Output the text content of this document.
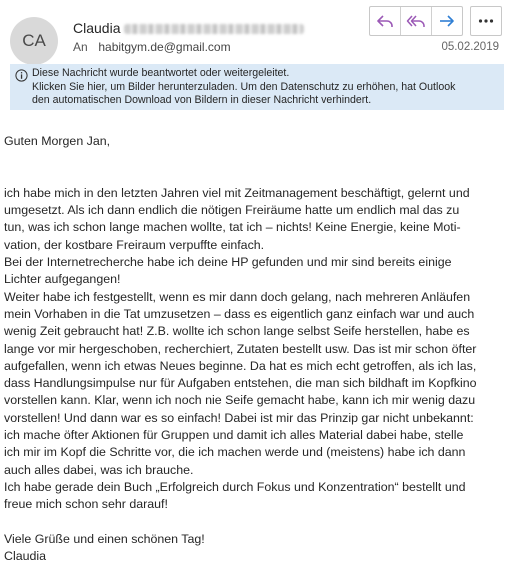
CA
Claudia
An habitgym.de@gmail.com	05.02.2019
Diese Nachricht wurde beantwortet oder weitergeleitet.
Klicken Sie hier, um Bilder herunterzuladen. Um den Datenschutz zu erhöhen, hat Outlook
den automatischen Download von Bildern in dieser Nachricht verhindert.

Guten Morgen Jan,

ich habe mich in den letzten Jahren viel mit Zeitmanagement beschäftigt, gelernt und

umgesetzt. Als ich dann endlich die nötigen Freiräume hatte um endlich mal das zu

tun, was ich schon lange machen wollte, tat ich – nichts! Keine Energie, keine Moti-

vation, der kostbare Freiraum verpuffte einfach.

Bei der Internetrecherche habe ich deine HP gefunden und mir sind bereits einige

Lichter aufgegangen!

Weiter habe ich festgestellt, wenn es mir dann doch gelang, nach mehreren Anläufen

mein Vorhaben in die Tat umzusetzen – dass es eigentlich ganz einfach war und auch

wenig Zeit gebraucht hat! Z.B. wollte ich schon lange selbst Seife herstellen, habe es

lange vor mir hergeschoben, recherchiert, Zutaten bestellt usw. Das ist mir schon öfter

aufgefallen, wenn ich etwas Neues beginne. Da hat es mich echt getroffen, als ich las,

dass Handlungsimpulse nur für Aufgaben entstehen, die man sich bildhaft im Kopfkino

vorstellen kann. Klar, wenn ich noch nie Seife gemacht habe, kann ich mir wenig dazu

vorstellen! Und dann war es so einfach! Dabei ist mir das Prinzip gar nicht unbekannt:

ich mache öfter Aktionen für Gruppen und damit ich alles Material dabei habe, stelle

ich mir im Kopf die Schritte vor, die ich machen werde und (meistens) habe ich dann

auch alles dabei, was ich brauche.

Ich habe gerade dein Buch „Erfolgreich durch Fokus und Konzentration“ bestellt und

freue mich schon sehr darauf!

Viele Grüße und einen schönen Tag!

Claudia
